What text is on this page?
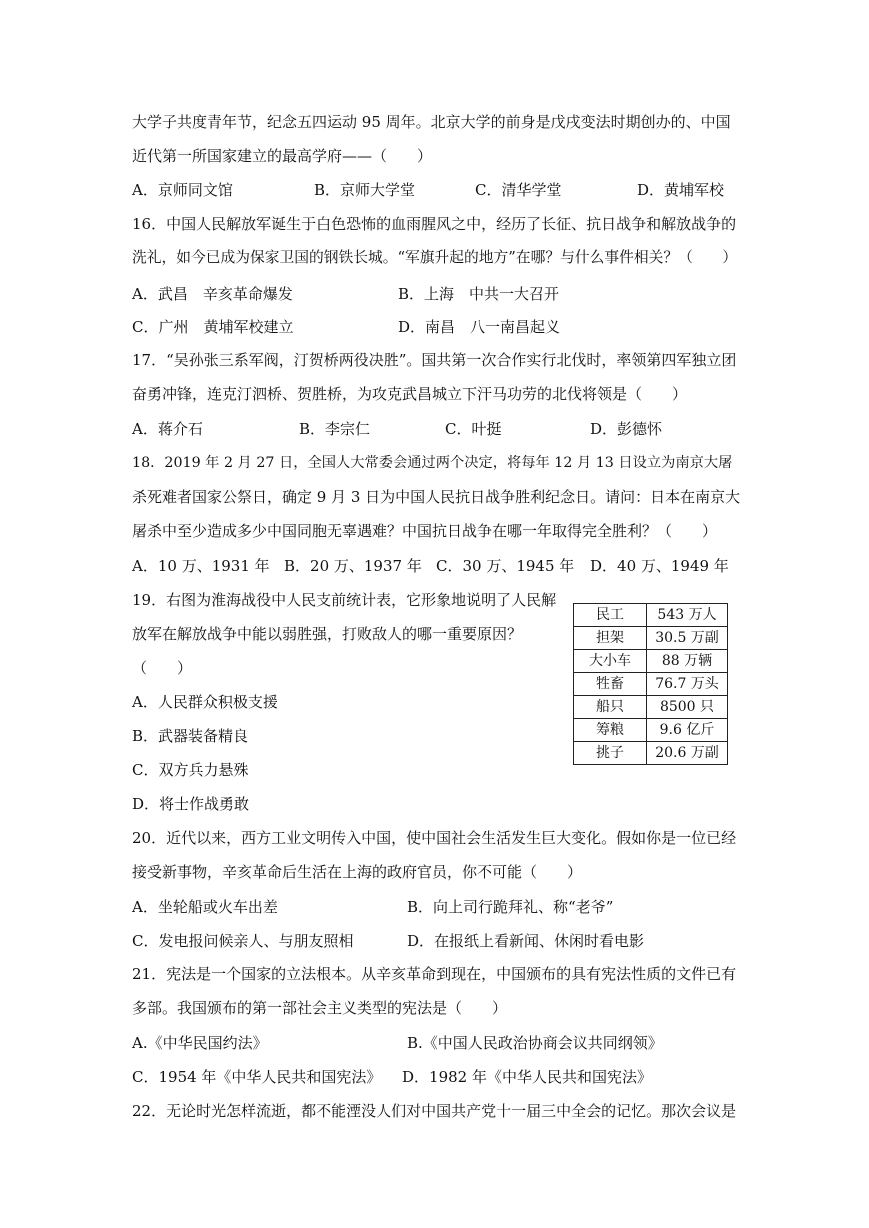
大学子共度青年节，纪念五四运动 95 周年。北京大学的前身是戊戌变法时期创办的、中国
近代第一所国家建立的最高学府——（　　）
A．京师同文馆	B．京师大学堂	C．清华学堂	D．黄埔军校
16．中国人民解放军诞生于白色恐怖的血雨腥风之中，经历了长征、抗日战争和解放战争的
洗礼，如今已成为保家卫国的钢铁长城。“军旗升起的地方”在哪？与什么事件相关？（　　）
A．武昌　辛亥革命爆发	B．上海　中共一大召开
C．广州　黄埔军校建立	D．南昌　八一南昌起义
17．“吴孙张三系军阀，汀贺桥两役决胜”。国共第一次合作实行北伐时，率领第四军独立团
奋勇冲锋，连克汀泗桥、贺胜桥，为攻克武昌城立下汗马功劳的北伐将领是（　　）
A．蒋介石	B．李宗仁	C．叶挺	D．彭德怀
18．2019 年 2 月 27 日，全国人大常委会通过两个决定，将每年 12 月 13 日设立为南京大屠
杀死难者国家公祭日，确定 9 月 3 日为中国人民抗日战争胜利纪念日。请问：日本在南京大
屠杀中至少造成多少中国同胞无辜遇难？中国抗日战争在哪一年取得完全胜利？（　　）
A．10 万、1931 年 B．20 万、1937 年 C．30 万、1945 年 D．40 万、1949 年
19．右图为淮海战役中人民支前统计表，它形象地说明了人民解
放军在解放战争中能以弱胜强，打败敌人的哪一重要原因？
（　　）
A．人民群众积极支援
B．武器装备精良
C．双方兵力悬殊
D．将士作战勇敢
民工	543 万人
担架	30.5 万副
大小车	88 万辆
牲畜	76.7 万头
船只	8500 只
筹粮	9.6 亿斤
挑子	20.6 万副
20．近代以来，西方工业文明传入中国，使中国社会生活发生巨大变化。假如你是一位已经
接受新事物，辛亥革命后生活在上海的政府官员，你不可能（　　）
A．坐轮船或火车出差	B．向上司行跪拜礼、称“老爷”
C．发电报问候亲人、与朋友照相	D．在报纸上看新闻、休闲时看电影
21．宪法是一个国家的立法根本。从辛亥革命到现在，中国颁布的具有宪法性质的文件已有
多部。我国颁布的第一部社会主义类型的宪法是（　　）
A.《中华民国约法》	B.《中国人民政治协商会议共同纲领》
C．1954 年《中华人民共和国宪法》 D．1982 年《中华人民共和国宪法》
22．无论时光怎样流逝，都不能湮没人们对中国共产党十一届三中全会的记忆。那次会议是
